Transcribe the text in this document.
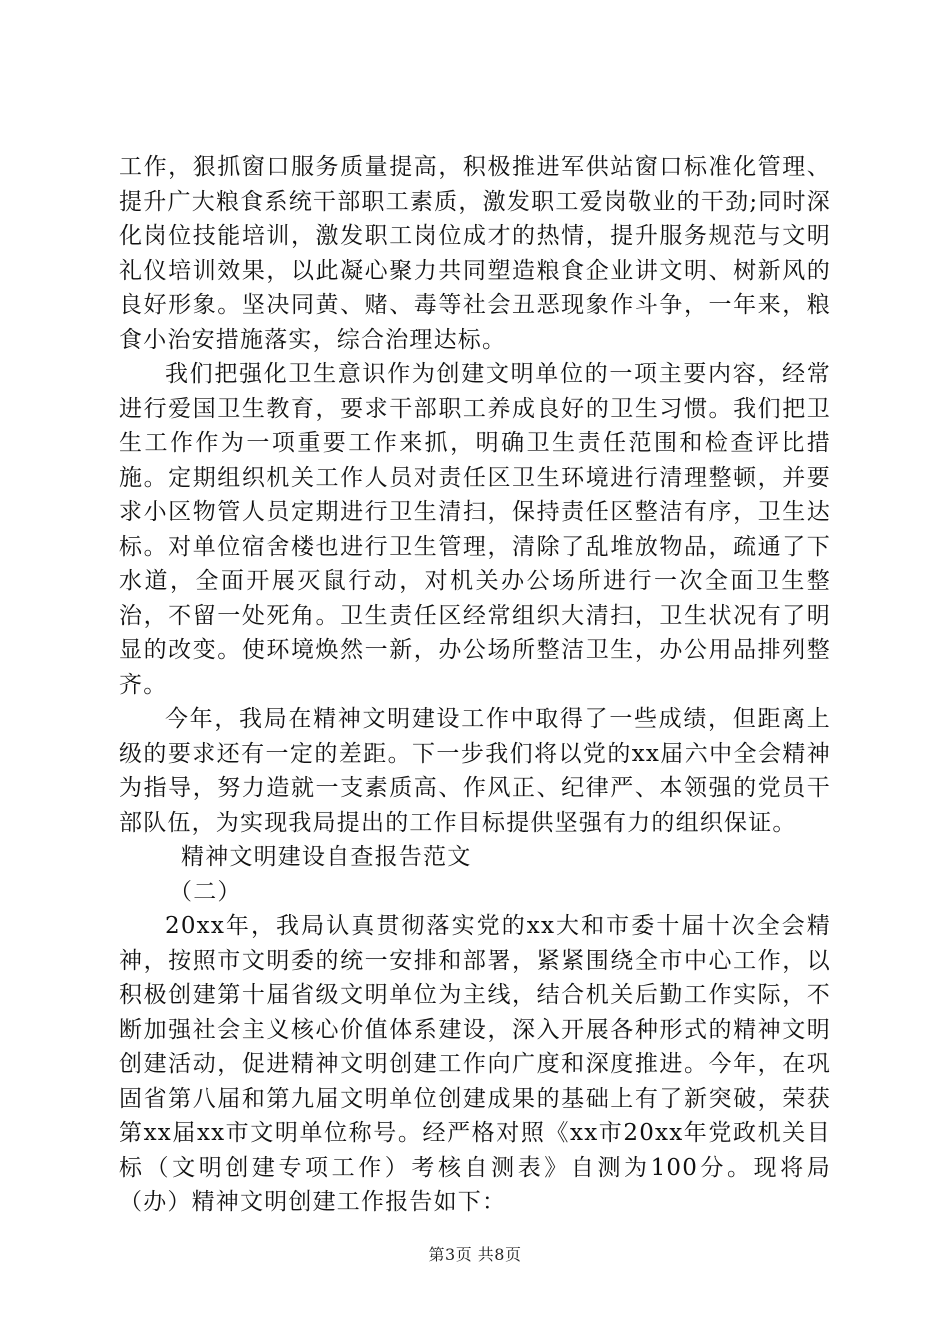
工作，狠抓窗口服务质量提高，积极推进军供站窗口标准化管理、提升广大粮食系统干部职工素质，激发职工爱岗敬业的干劲;同时深化岗位技能培训，激发职工岗位成才的热情，提升服务规范与文明礼仪培训效果，以此凝心聚力共同塑造粮食企业讲文明、树新风的良好形象。坚决同黄、赌、毒等社会丑恶现象作斗争，一年来，粮食小治安措施落实，综合治理达标。

我们把强化卫生意识作为创建文明单位的一项主要内容，经常进行爱国卫生教育，要求干部职工养成良好的卫生习惯。我们把卫生工作作为一项重要工作来抓，明确卫生责任范围和检查评比措施。定期组织机关工作人员对责任区卫生环境进行清理整顿，并要求小区物管人员定期进行卫生清扫，保持责任区整洁有序，卫生达标。对单位宿舍楼也进行卫生管理，清除了乱堆放物品，疏通了下水道，全面开展灭鼠行动，对机关办公场所进行一次全面卫生整治，不留一处死角。卫生责任区经常组织大清扫，卫生状况有了明显的改变。使环境焕然一新，办公场所整洁卫生，办公用品排列整齐。

今年，我局在精神文明建设工作中取得了一些成绩，但距离上级的要求还有一定的差距。下一步我们将以党的xx届六中全会精神为指导，努力造就一支素质高、作风正、纪律严、本领强的党员干部队伍，为实现我局提出的工作目标提供坚强有力的组织保证。

精神文明建设自查报告范文

（二）

20xx年，我局认真贯彻落实党的xx大和市委十届十次全会精神，按照市文明委的统一安排和部署，紧紧围绕全市中心工作，以积极创建第十届省级文明单位为主线，结合机关后勤工作实际，不断加强社会主义核心价值体系建设，深入开展各种形式的精神文明创建活动，促进精神文明创建工作向广度和深度推进。今年，在巩固省第八届和第九届文明单位创建成果的基础上有了新突破，荣获第xx届xx市文明单位称号。经严格对照《xx市20xx年党政机关目标（文明创建专项工作）考核自测表》自测为100分。现将局（办）精神文明创建工作报告如下：

第3页 共8页
